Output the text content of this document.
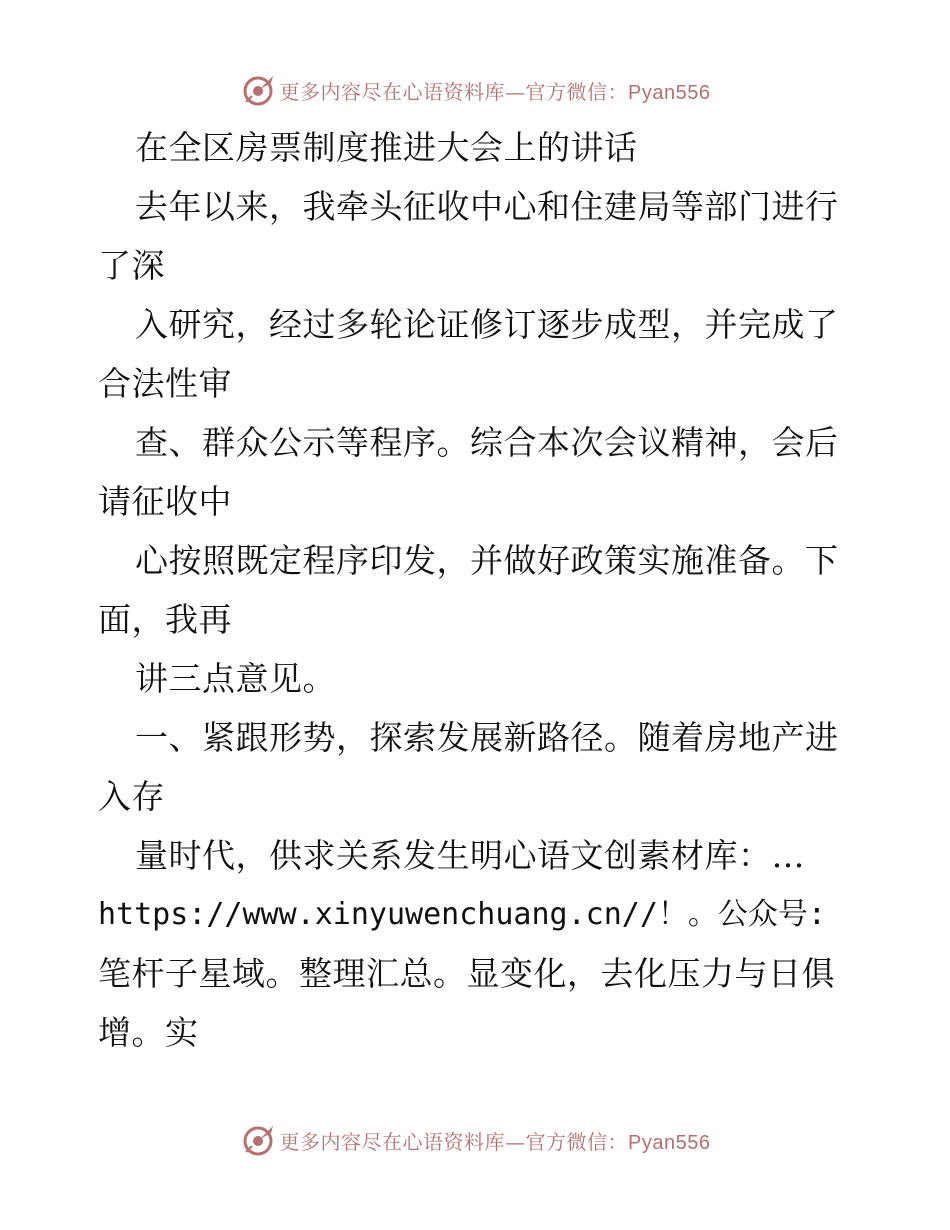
更多内容尽在心语资料库—官方微信：Pyan556
在全区房票制度推进大会上的讲话
去年以来，我牵头征收中心和住建局等部门进行
了深
入研究，经过多轮论证修订逐步成型，并完成了
合法性审
查、群众公示等程序。综合本次会议精神，会后
请征收中
心按照既定程序印发，并做好政策实施准备。下
面，我再
讲三点意见。
一、紧跟形势，探索发展新路径。随着房地产进
入存
量时代，供求关系发生明心语文创素材库：…
https://www.xinyuwenchuang.cn//！。公众号:
笔杆子星域。整理汇总。显变化，去化压力与日俱
增。实
更多内容尽在心语资料库—官方微信：Pyan556
